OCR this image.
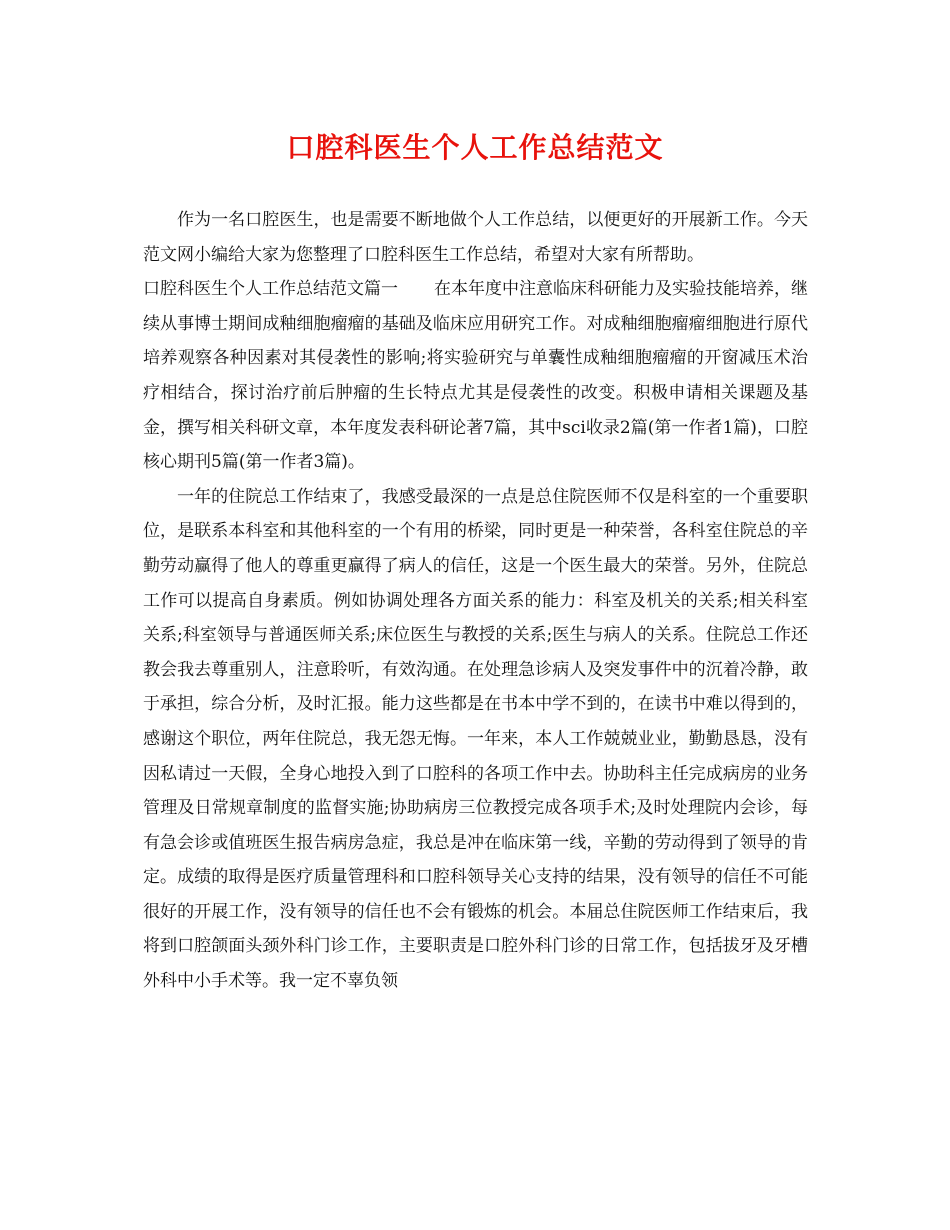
口腔科医生个人工作总结范文

作为一名口腔医生，也是需要不断地做个人工作总结，以便更好的开展新工作。今天范文网小编给大家为您整理了口腔科医生工作总结，希望对大家有所帮助。

口腔科医生个人工作总结范文篇一 在本年度中注意临床科研能力及实验技能培养，继续从事博士期间成釉细胞瘤瘤的基础及临床应用研究工作。对成釉细胞瘤瘤细胞进行原代培养观察各种因素对其侵袭性的影响;将实验研究与单囊性成釉细胞瘤瘤的开窗减压术治疗相结合，探讨治疗前后肿瘤的生长特点尤其是侵袭性的改变。积极申请相关课题及基金，撰写相关科研文章，本年度发表科研论著7篇，其中sci收录2篇(第一作者1篇)，口腔核心期刊5篇(第一作者3篇)。

一年的住院总工作结束了，我感受最深的一点是总住院医师不仅是科室的一个重要职位，是联系本科室和其他科室的一个有用的桥梁，同时更是一种荣誉，各科室住院总的辛勤劳动赢得了他人的尊重更赢得了病人的信任，这是一个医生最大的荣誉。另外，住院总工作可以提高自身素质。例如协调处理各方面关系的能力：科室及机关的关系;相关科室关系;科室领导与普通医师关系;床位医生与教授的关系;医生与病人的关系。住院总工作还教会我去尊重别人，注意聆听，有效沟通。在处理急诊病人及突发事件中的沉着冷静，敢于承担，综合分析，及时汇报。能力这些都是在书本中学不到的，在读书中难以得到的，感谢这个职位，两年住院总，我无怨无悔。一年来，本人工作兢兢业业，勤勤恳恳，没有因私请过一天假，全身心地投入到了口腔科的各项工作中去。协助科主任完成病房的业务管理及日常规章制度的监督实施;协助病房三位教授完成各项手术;及时处理院内会诊，每有急会诊或值班医生报告病房急症，我总是冲在临床第一线，辛勤的劳动得到了领导的肯定。成绩的取得是医疗质量管理科和口腔科领导关心支持的结果，没有领导的信任不可能很好的开展工作，没有领导的信任也不会有锻炼的机会。本届总住院医师工作结束后，我将到口腔颌面头颈外科门诊工作，主要职责是口腔外科门诊的日常工作，包括拔牙及牙槽外科中小手术等。我一定不辜负领
